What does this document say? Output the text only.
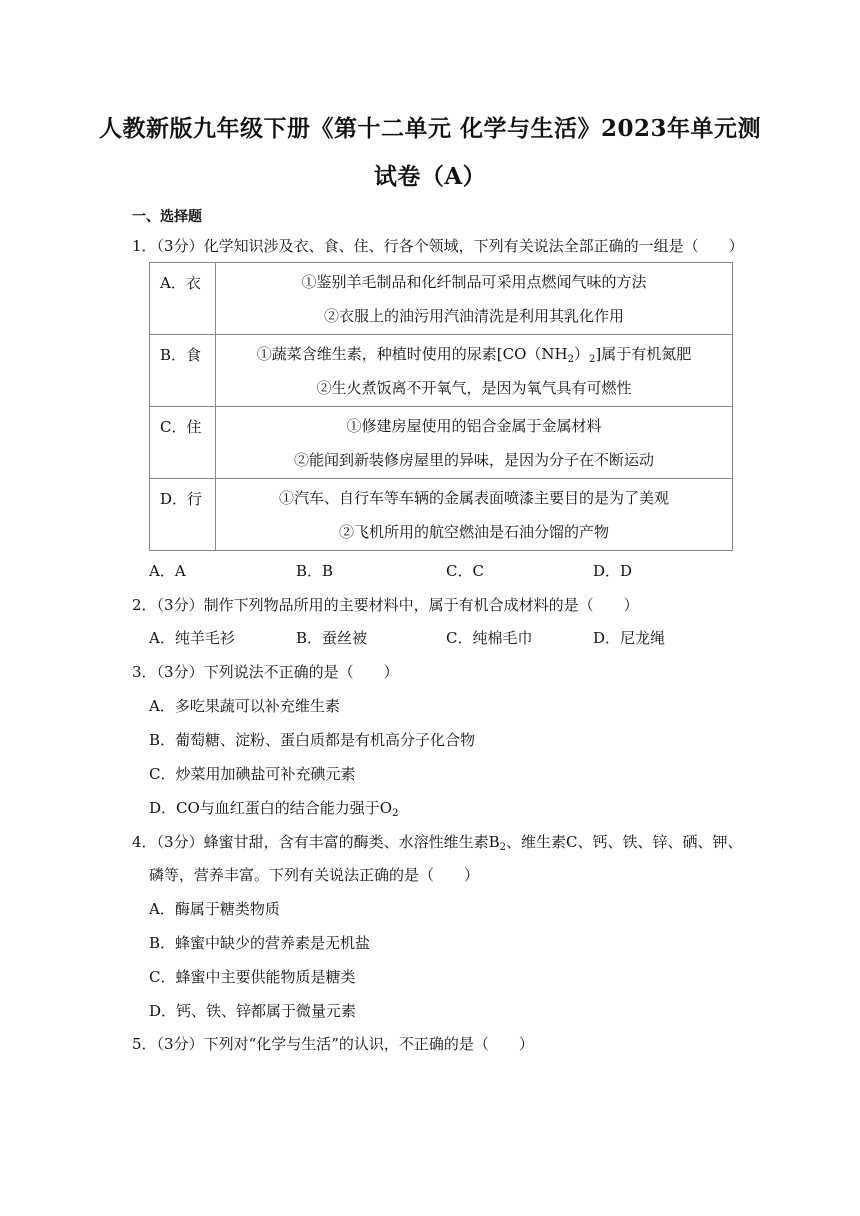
人教新版九年级下册《第十二单元 化学与生活》2023年单元测
试卷（A）
一、选择题
1．（3分）化学知识涉及衣、食、住、行各个领域，下列有关说法全部正确的一组是（　　）
A．衣	①鉴别羊毛制品和化纤制品可采用点燃闻气味的方法
②衣服上的油污用汽油清洗是利用其乳化作用

B．食	①蔬菜含维生素，种植时使用的尿素$[CO(NH_2)_2]$属于有机氮肥
②生火煮饭离不开氧气，是因为氧气具有可燃性

C．住	①修建房屋使用的铝合金属于金属材料
②能闻到新装修房屋里的异味，是因为分子在不断运动

D．行	①汽车、自行车等车辆的金属表面喷漆主要目的是为了美观
②飞机所用的航空燃油是石油分馏的产物
A．A	B．B	C．C	D．D
2．（3分）制作下列物品所用的主要材料中，属于有机合成材料的是（　　）
A．纯羊毛衫	B．蚕丝被	C．纯棉毛巾	D．尼龙绳
3．（3分）下列说法不正确的是（　　）
A．多吃果蔬可以补充维生素
B．葡萄糖、淀粉、蛋白质都是有机高分子化合物
C．炒菜用加碘盐可补充碘元素
D．CO与血红蛋白的结合能力强于$O_2$
4．（3分）蜂蜜甘甜，含有丰富的酶类、水溶性维生素$B_2$、维生素C、钙、铁、锌、硒、钾、
磷等，营养丰富。下列有关说法正确的是（　　）
A．酶属于糖类物质
B．蜂蜜中缺少的营养素是无机盐
C．蜂蜜中主要供能物质是糖类
D．钙、铁、锌都属于微量元素
5．（3分）下列对“化学与生活”的认识，不正确的是（　　）
